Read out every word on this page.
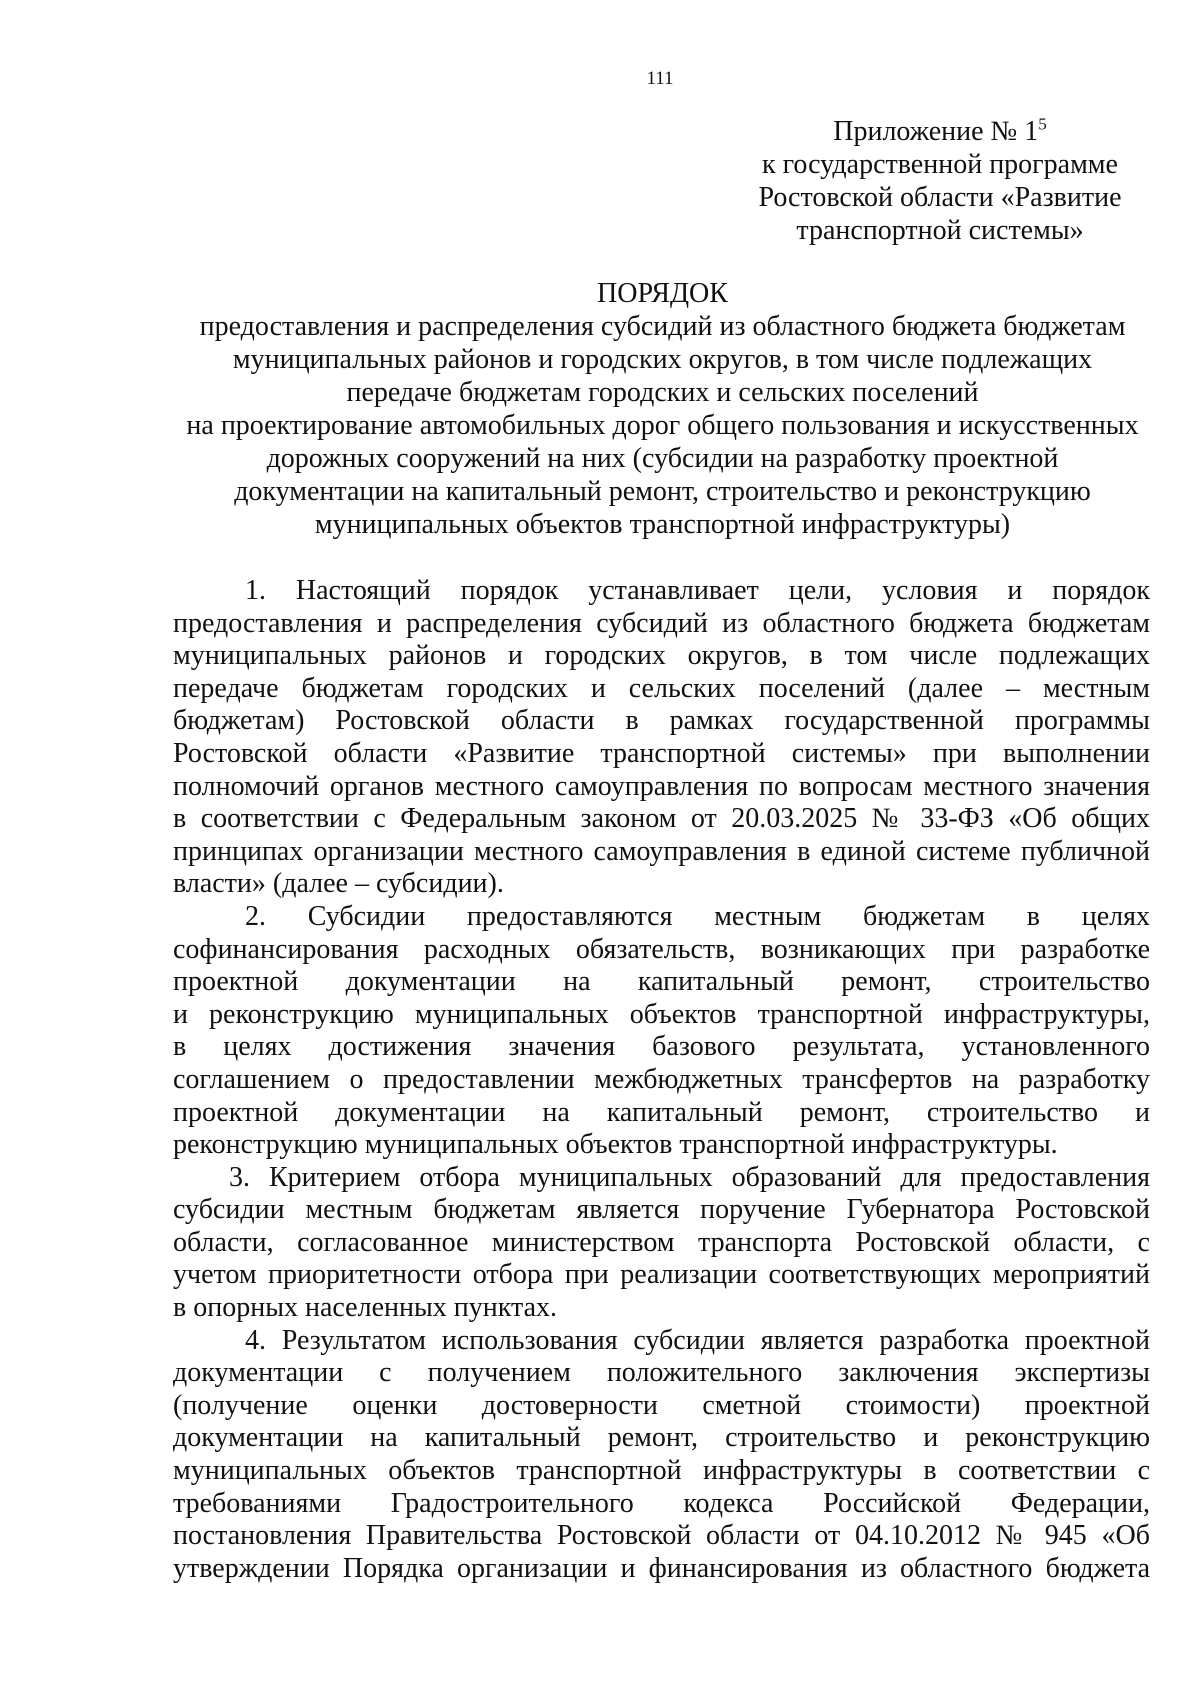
111
Приложение № $1^5$
к государственной программе
Ростовской области «Развитие
транспортной системы»
ПОРЯДОК
предоставления и распределения субсидий из областного бюджета бюджетам
муниципальных районов и городских округов, в том числе подлежащих
передаче бюджетам городских и сельских поселений
на проектирование автомобильных дорог общего пользования и искусственных
дорожных сооружений на них (субсидии на разработку проектной
документации на капитальный ремонт, строительство и реконструкцию
муниципальных объектов транспортной инфраструктуры)
1. Настоящий порядок устанавливает цели, условия и порядок
предоставления и распределения субсидий из областного бюджета бюджетам
муниципальных районов и городских округов, в том числе подлежащих
передаче бюджетам городских и сельских поселений (далее – местным
бюджетам) Ростовской области в рамках государственной программы
Ростовской области «Развитие транспортной системы» при выполнении
полномочий органов местного самоуправления по вопросам местного значения
в соответствии с Федеральным законом от 20.03.2025 № 33-ФЗ «Об общих
принципах организации местного самоуправления в единой системе публичной
власти» (далее – субсидии).
2. Субсидии предоставляются местным бюджетам в целях
софинансирования расходных обязательств, возникающих при разработке
проектной документации на капитальный ремонт, строительство
и реконструкцию муниципальных объектов транспортной инфраструктуры,
в целях достижения значения базового результата, установленного
соглашением о предоставлении межбюджетных трансфертов на разработку
проектной документации на капитальный ремонт, строительство и
реконструкцию муниципальных объектов транспортной инфраструктуры.
3. Критерием отбора муниципальных образований для предоставления
субсидии местным бюджетам является поручение Губернатора Ростовской
области, согласованное министерством транспорта Ростовской области, с
учетом приоритетности отбора при реализации соответствующих мероприятий
в опорных населенных пунктах.
4. Результатом использования субсидии является разработка проектной
документации с получением положительного заключения экспертизы
(получение оценки достоверности сметной стоимости) проектной
документации на капитальный ремонт, строительство и реконструкцию
муниципальных объектов транспортной инфраструктуры в соответствии с
требованиями Градостроительного кодекса Российской Федерации,
постановления Правительства Ростовской области от 04.10.2012 № 945 «Об
утверждении Порядка организации и финансирования из областного бюджета
